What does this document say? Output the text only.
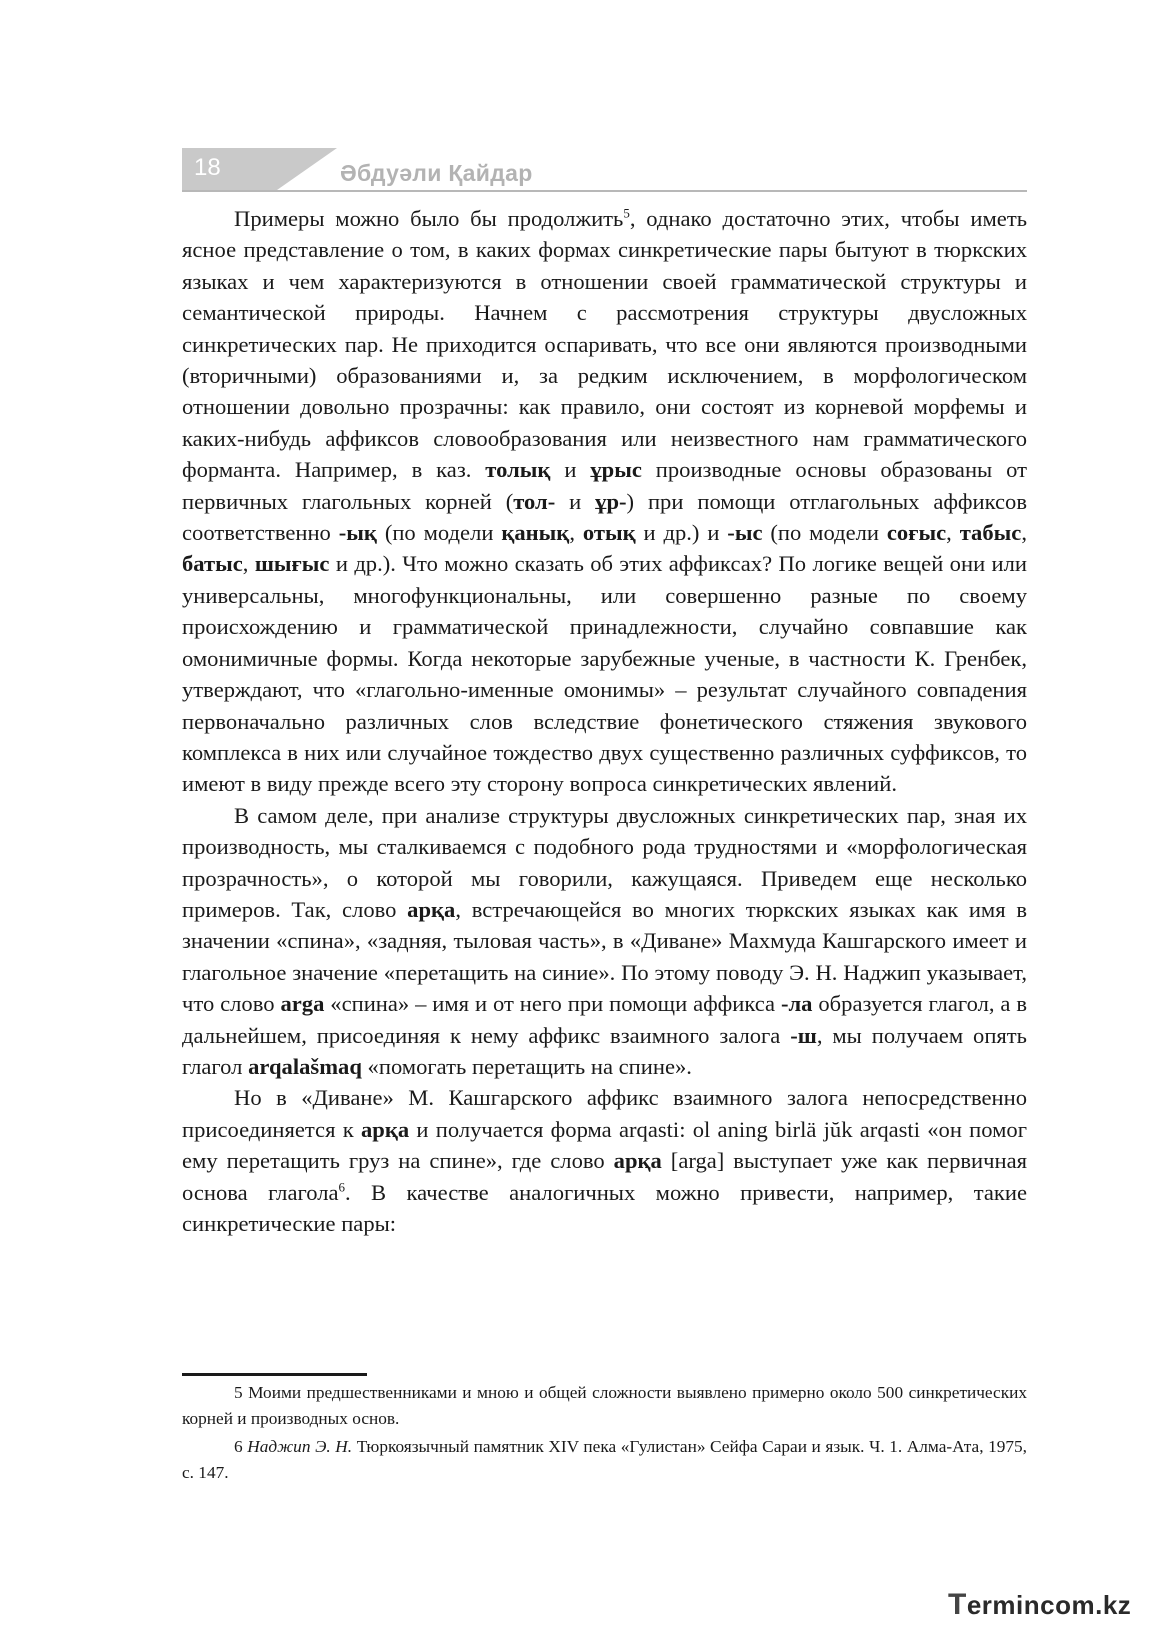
18	Әбдуәли Қайдар

Примеры можно было бы продолжить$^5$, однако достаточно этих, чтобы иметь ясное представление о том, в каких формах синкретические пары бытуют в тюркских языках и чем характеризуются в отношении своей грамматической структуры и семантической природы. Начнем с рассмотрения структуры двусложных синкретических пар. Не приходится оспаривать, что все они являются производными (вторичными) образованиями и, за редким исключением, в морфологическом отношении довольно прозрачны: как правило, они состоят из корневой морфемы и каких-нибудь аффиксов словообразования или неизвестного нам грамматического форманта. Например, в каз. толық и ұрыс производные основы образованы от первичных глагольных корней (тол- и ұр-) при помощи отглагольных аффиксов соответственно -ық (по модели қанық, отық и др.) и -ыс (по модели соғыс, табыс, батыс, шығыс и др.). Что можно сказать об этих аффиксах? По логике вещей они или универсальны, многофункциональны, или совершенно разные по своему происхождению и грамматической принадлежности, случайно совпавшие как омонимичные формы. Когда некоторые зарубежные ученые, в частности К. Гренбек, утверждают, что «глагольно-именные омонимы» – результат случайного совпадения первоначально различных слов вследствие фонетического стяжения звукового комплекса в них или случайное тождество двух существенно различных суффиксов, то имеют в виду прежде всего эту сторону вопроса синкретических явлений.

В самом деле, при анализе структуры двусложных синкретических пар, зная их производность, мы сталкиваемся с подобного рода трудностями и «морфологическая прозрачность», о которой мы говорили, кажущаяся. Приведем еще несколько примеров. Так, слово арқа, встречающейся во многих тюркских языках как имя в значении «спина», «задняя, тыловая часть», в «Диване» Махмуда Кашгарского имеет и глагольное значение «перетащить на синие». По этому поводу Э. Н. Наджип указывает, что слово arga «спина» – имя и от него при помощи аффикса -ла образуется глагол, а в дальнейшем, присоединяя к нему аффикс взаимного залога -ш, мы получаем опять глагол arqalašmaq «помогать перетащить на спине».

Но в «Диване» М. Кашгарского аффикс взаимного залога непосредственно присоединяется к арқа и получается форма arqasti: ol aning birlä jŭk arqasti «он помог ему перетащить груз на спине», где слово арқа [arga] выступает уже как первичная основа глагола$^6$. В качестве аналогичных можно привести, например, такие синкретические пары:

5 Моими предшественниками и мною и общей сложности выявлено примерно около 500 синкретических корней и производных основ.

6 Наджип Э. Н. Тюркоязычный памятник XIV пека «Гулистан» Сейфа Сараи и язык. Ч. 1. Алма-Ата, 1975, с. 147.

Termincom.kz
